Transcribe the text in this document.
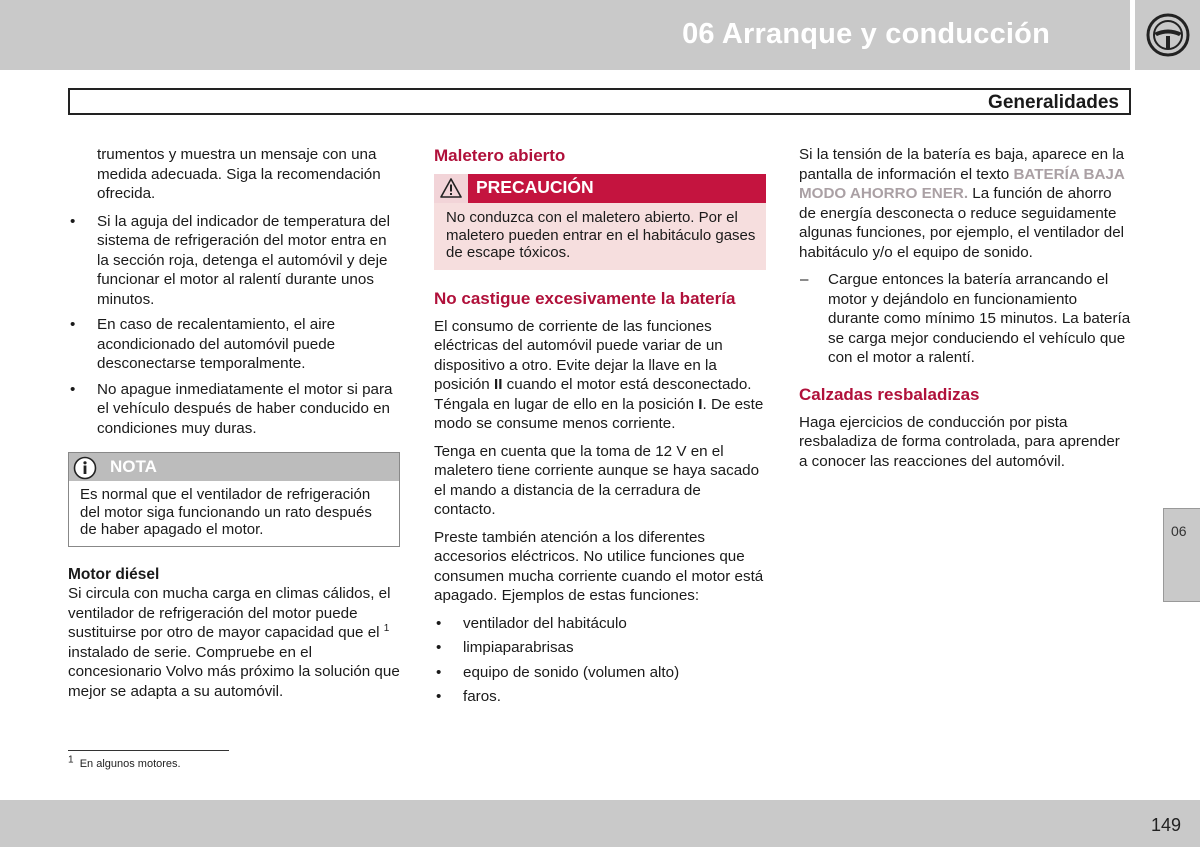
06 Arranque y conducción
Generalidades

trumentos y muestra un mensaje con una medida adecuada. Siga la recomendación ofrecida.

• Si la aguja del indicador de temperatura del sistema de refrigeración del motor entra en la sección roja, detenga el automóvil y deje funcionar el motor al ralentí durante unos minutos.
• En caso de recalentamiento, el aire acondicionado del automóvil puede desconectarse temporalmente.
• No apague inmediatamente el motor si para el vehículo después de haber conducido en condiciones muy duras.
NOTA
Es normal que el ventilador de refrigeración del motor siga funcionando un rato después de haber apagado el motor.
Motor diésel

Si circula con mucha carga en climas cálidos, el ventilador de refrigeración del motor puede sustituirse por otro de mayor capacidad que el $^1$ instalado de serie. Compruebe en el concesionario Volvo más próximo la solución que mejor se adapta a su automóvil.

Maletero abierto
PRECAUCIÓN
No conduzca con el maletero abierto. Por el maletero pueden entrar en el habitáculo gases de escape tóxicos.
No castigue excesivamente la batería

El consumo de corriente de las funciones eléctricas del automóvil puede variar de un dispositivo a otro. Evite dejar la llave en la posición II cuando el motor está desconectado. Téngala en lugar de ello en la posición I. De este modo se consume menos corriente.

Tenga en cuenta que la toma de 12 V en el maletero tiene corriente aunque se haya sacado el mando a distancia de la cerradura de contacto.

Preste también atención a los diferentes accesorios eléctricos. No utilice funciones que consumen mucha corriente cuando el motor está apagado. Ejemplos de estas funciones:

• ventilador del habitáculo
• limpiaparabrisas
• equipo de sonido (volumen alto)
• faros.

Si la tensión de la batería es baja, aparece en la pantalla de información el texto BATERÍA BAJA MODO AHORRO ENER. La función de ahorro de energía desconecta o reduce seguidamente algunas funciones, por ejemplo, el ventilador del habitáculo y/o el equipo de sonido.

– Cargue entonces la batería arrancando el motor y dejándolo en funcionamiento durante como mínimo 15 minutos. La batería se carga mejor conduciendo el vehículo que con el motor a ralentí.
Calzadas resbaladizas

Haga ejercicios de conducción por pista resbaladiza de forma controlada, para aprender a conocer las reacciones del automóvil.

06
$^1$ En algunos motores.
149
